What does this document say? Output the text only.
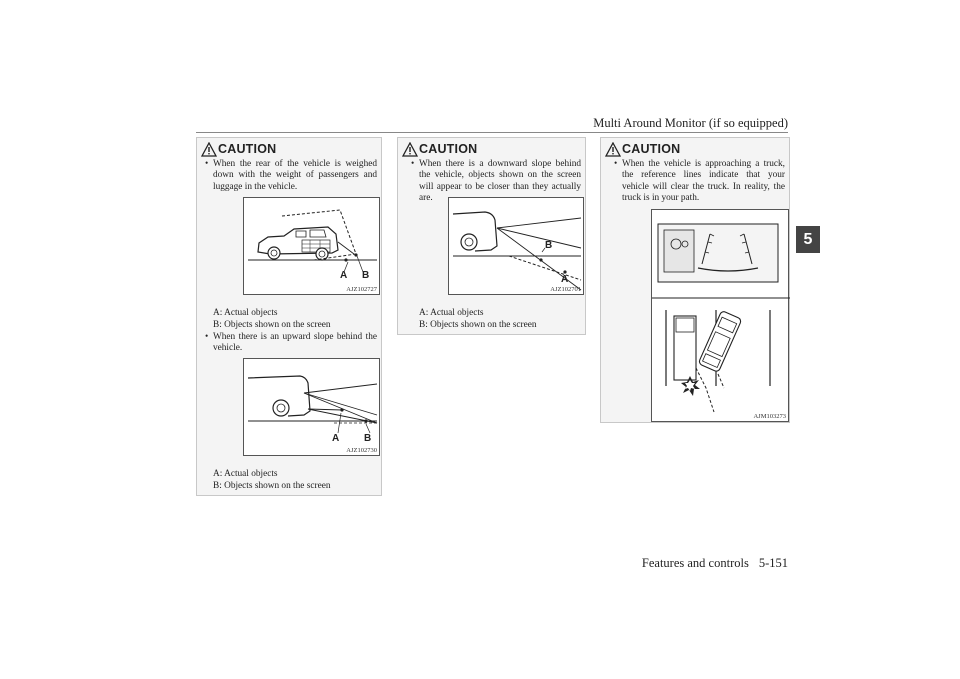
Multi Around Monitor (if so equipped)
5
CAUTION
• When the rear of the vehicle is weighed down with the weight of passengers and luggage in the vehicle.
A B
AJZ102727
A: Actual objects
B: Objects shown on the screen
• When there is an upward slope behind the vehicle.
A B
AJZ102730
A: Actual objects
B: Objects shown on the screen
CAUTION
• When there is a downward slope behind the vehicle, objects shown on the screen will appear to be closer than they actually are.
B
A
AJZ102701
A: Actual objects
B: Objects shown on the screen
CAUTION
• When the vehicle is approaching a truck, the reference lines indicate that your vehicle will clear the truck. In reality, the truck is in your path.
AJM103273
Features and controls 5-151
